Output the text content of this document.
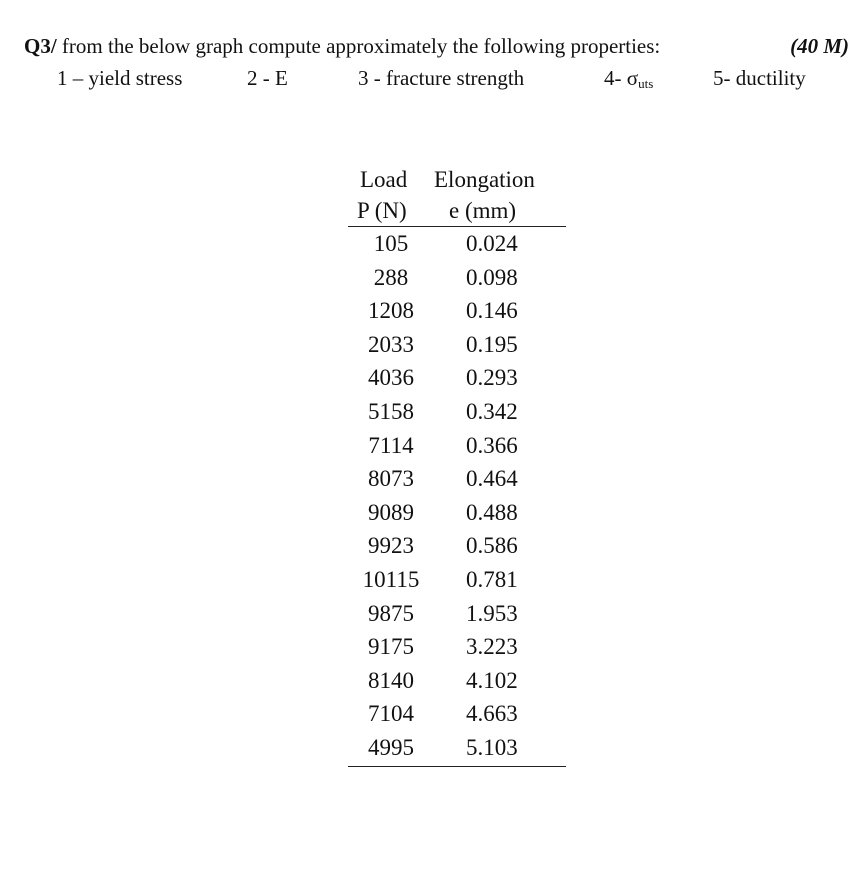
Q3/ from the below graph compute approximately the following properties:	(40 M)
1 – yield stress	2 - E	3 - fracture strength	4- σuts	5- ductility
Load	Elongation
P (N)	e (mm)
105	0.024
288	0.098
1208	0.146
2033	0.195
4036	0.293
5158	0.342
7114	0.366
8073	0.464
9089	0.488
9923	0.586
10115	0.781
9875	1.953
9175	3.223
8140	4.102
7104	4.663
4995	5.103
